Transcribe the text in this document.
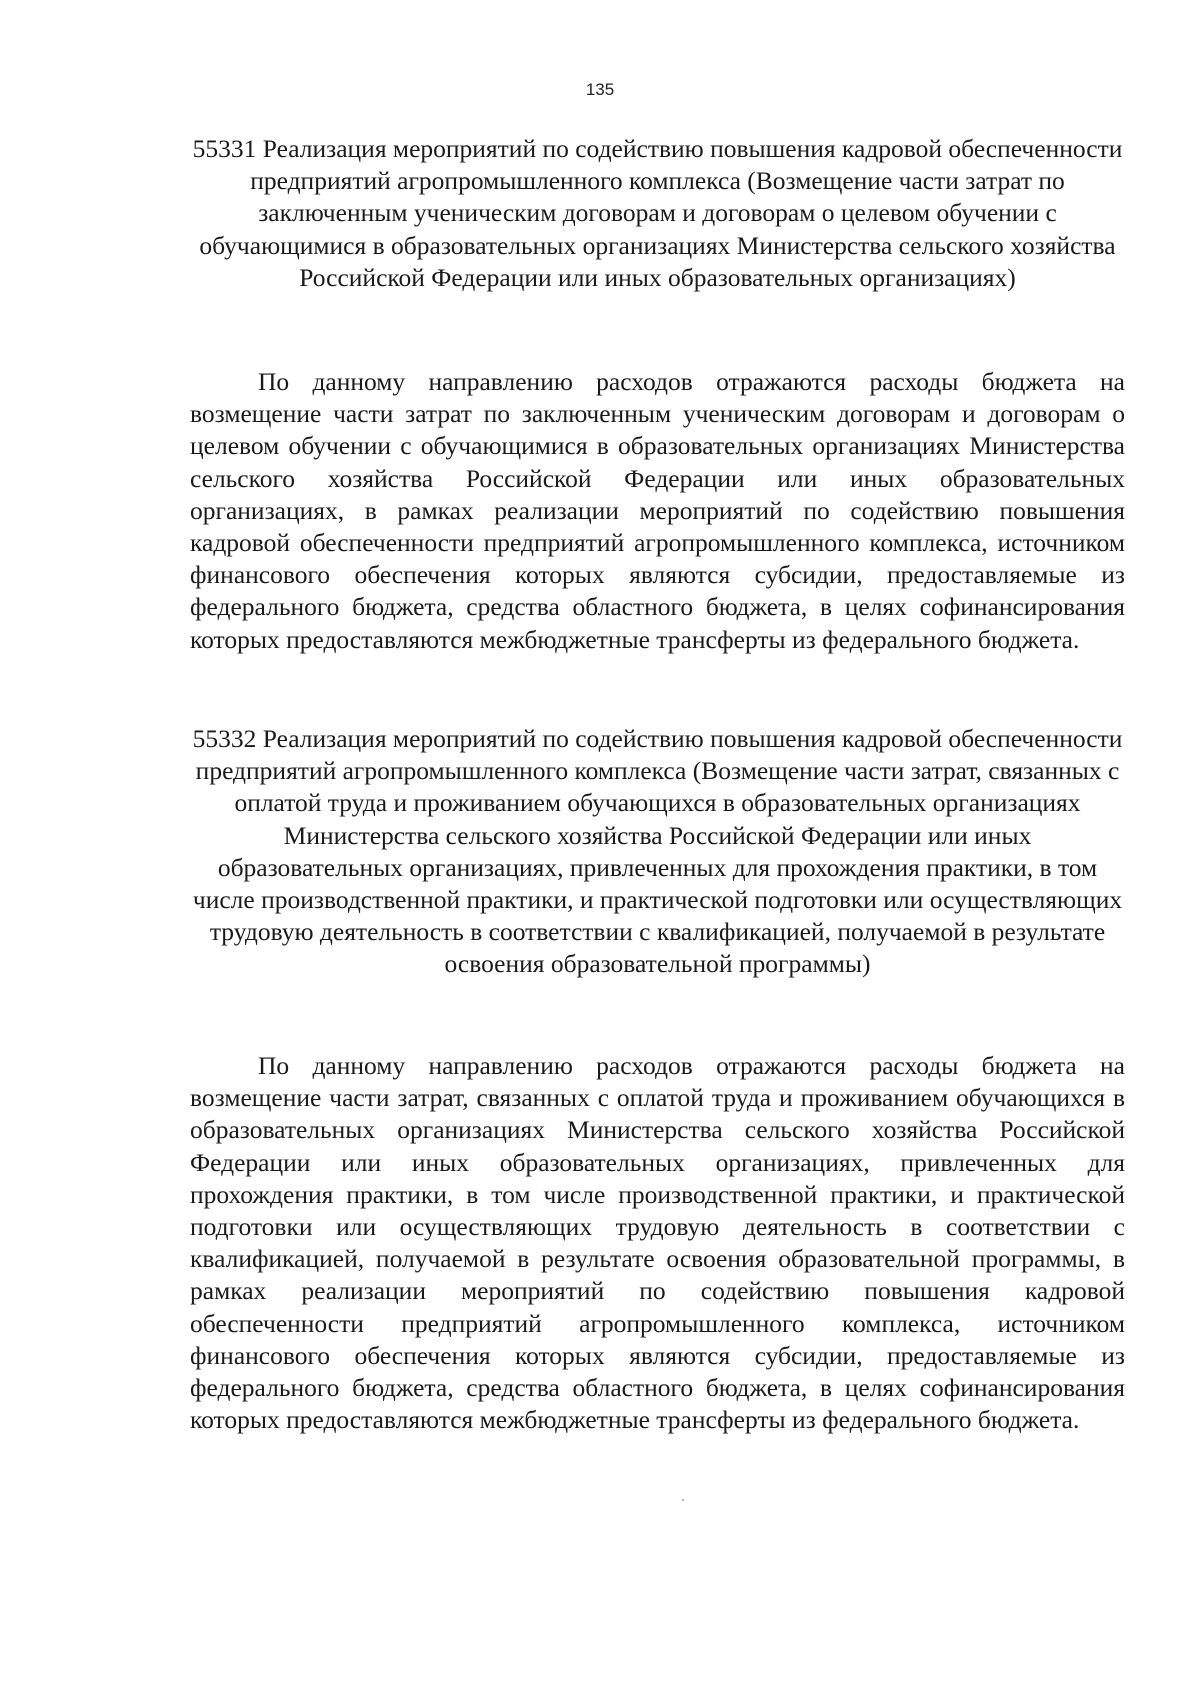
135
55331 Реализация мероприятий по содействию повышения кадровой обеспеченности предприятий агропромышленного комплекса (Возмещение части затрат по заключенным ученическим договорам и договорам о целевом обучении с обучающимися в образовательных организациях Министерства сельского хозяйства Российской Федерации или иных образовательных организациях)
По данному направлению расходов отражаются расходы бюджета на возмещение части затрат по заключенным ученическим договорам и договорам о целевом обучении с обучающимися в образовательных организациях Министерства сельского хозяйства Российской Федерации или иных образовательных организациях, в рамках реализации мероприятий по содействию повышения кадровой обеспеченности предприятий агропромышленного комплекса, источником финансового обеспечения которых являются субсидии, предоставляемые из федерального бюджета, средства областного бюджета, в целях софинансирования которых предоставляются межбюджетные трансферты из федерального бюджета.
55332 Реализация мероприятий по содействию повышения кадровой обеспеченности предприятий агропромышленного комплекса (Возмещение части затрат, связанных с оплатой труда и проживанием обучающихся в образовательных организациях Министерства сельского хозяйства Российской Федерации или иных образовательных организациях, привлеченных для прохождения практики, в том числе производственной практики, и практической подготовки или осуществляющих трудовую деятельность в соответствии с квалификацией, получаемой в результате освоения образовательной программы)
По данному направлению расходов отражаются расходы бюджета на возмещение части затрат, связанных с оплатой труда и проживанием обучающихся в образовательных организациях Министерства сельского хозяйства Российской Федерации или иных образовательных организациях, привлеченных для прохождения практики, в том числе производственной практики, и практической подготовки или осуществляющих трудовую деятельность в соответствии с квалификацией, получаемой в результате освоения образовательной программы, в рамках реализации мероприятий по содействию повышения кадровой обеспеченности предприятий агропромышленного комплекса, источником финансового обеспечения которых являются субсидии, предоставляемые из федерального бюджета, средства областного бюджета, в целях софинансирования которых предоставляются межбюджетные трансферты из федерального бюджета.
